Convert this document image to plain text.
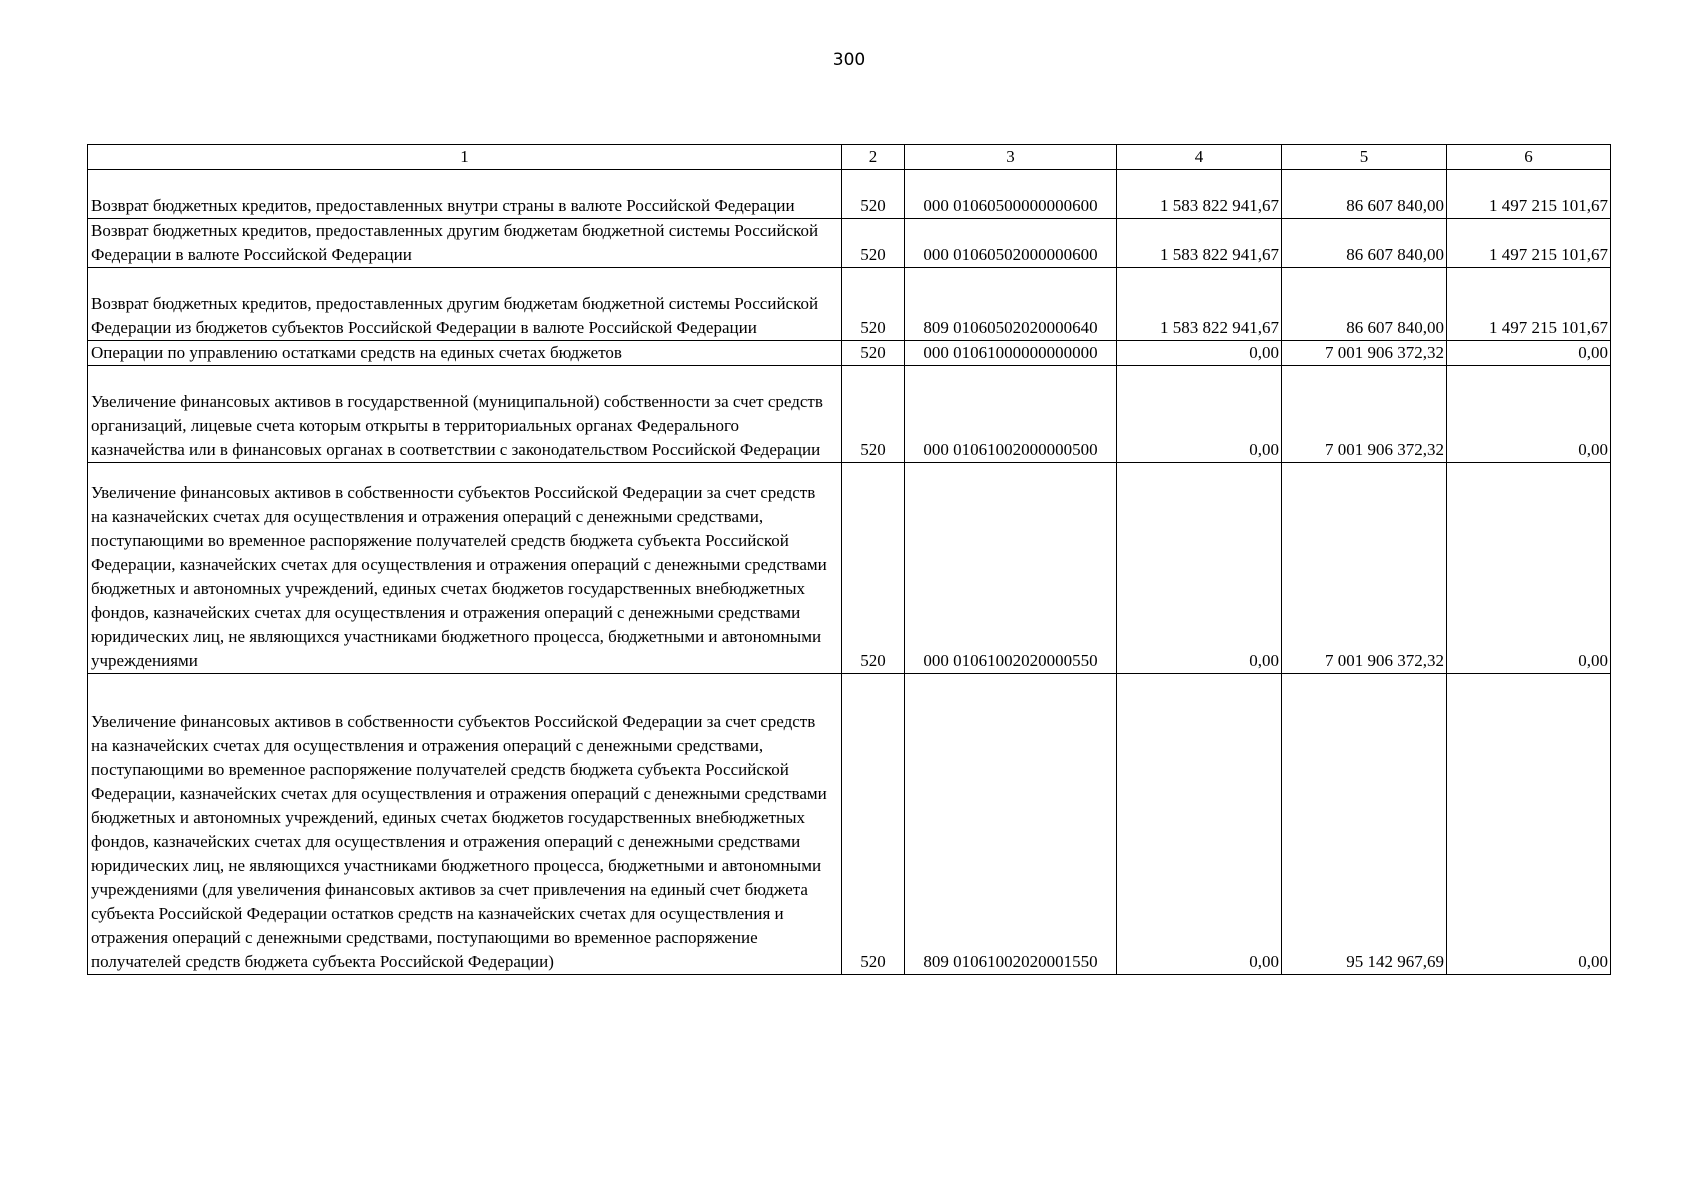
300
1	2	3	4	5	6

Возврат бюджетных кредитов, предоставленных внутри страны в валюте Российской Федерации	520	000 01060500000000600	1 583 822 941,67	86 607 840,00	1 497 215 101,67

Возврат бюджетных кредитов, предоставленных другим бюджетам бюджетной системы Российской Федерации в валюте Российской Федерации	520	000 01060502000000600	1 583 822 941,67	86 607 840,00	1 497 215 101,67

Возврат бюджетных кредитов, предоставленных другим бюджетам бюджетной системы Российской Федерации из бюджетов субъектов Российской Федерации в валюте Российской Федерации	520	809 01060502020000640	1 583 822 941,67	86 607 840,00	1 497 215 101,67

Операции по управлению остатками средств на единых счетах бюджетов	520	000 01061000000000000	0,00	7 001 906 372,32	0,00

Увеличение финансовых активов в государственной (муниципальной) собственности за счет средств организаций, лицевые счета которым открыты в территориальных органах Федерального казначейства или в финансовых органах в соответствии с законодательством Российской Федерации	520	000 01061002000000500	0,00	7 001 906 372,32	0,00

Увеличение финансовых активов в собственности субъектов Российской Федерации за счет средств на казначейских счетах для осуществления и отражения операций с денежными средствами, поступающими во временное распоряжение получателей средств бюджета субъекта Российской Федерации, казначейских счетах для осуществления и отражения операций с денежными средствами бюджетных и автономных учреждений, единых счетах бюджетов государственных внебюджетных фондов, казначейских счетах для осуществления и отражения операций с денежными средствами юридических лиц, не являющихся участниками бюджетного процесса, бюджетными и автономными учреждениями	520	000 01061002020000550	0,00	7 001 906 372,32	0,00

Увеличение финансовых активов в собственности субъектов Российской Федерации за счет средств на казначейских счетах для осуществления и отражения операций с денежными средствами, поступающими во временное распоряжение получателей средств бюджета субъекта Российской Федерации, казначейских счетах для осуществления и отражения операций с денежными средствами бюджетных и автономных учреждений, единых счетах бюджетов государственных внебюджетных фондов, казначейских счетах для осуществления и отражения операций с денежными средствами юридических лиц, не являющихся участниками бюджетного процесса, бюджетными и автономными учреждениями (для увеличения финансовых активов за счет привлечения на единый счет бюджета субъекта Российской Федерации остатков средств на казначейских счетах для осуществления и отражения операций с денежными средствами, поступающими во временное распоряжение получателей средств бюджета субъекта Российской Федерации)	520	809 01061002020001550	0,00	95 142 967,69	0,00
